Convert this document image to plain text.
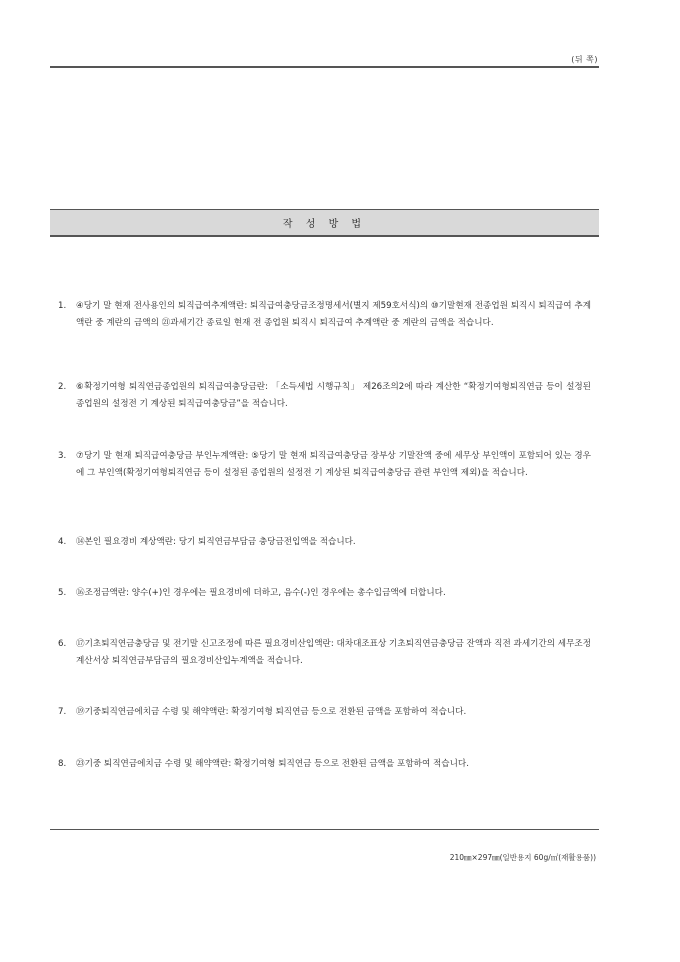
(뒤 쪽)
작 성 방 법
1.	④당기 말 현재 전사용인의 퇴직급여추계액란: 퇴직급여충당금조정명세서(별지 제59호서식)의 ⑩기말현재 전종업원 퇴직시 퇴직급여 추계액란 중 계란의 금액의 ㉑과세기간 종료일 현재 전 종업원 퇴직시 퇴직급여 추계액란 중 계란의 금액을 적습니다.
2.	⑥확정기여형 퇴직연금종업원의 퇴직급여충당금란: 「소득세법 시행규칙」 제26조의2에 따라 계산한 “확정기여형퇴직연금 등이 설정된 종업원의 설정전 기 계상된 퇴직급여충당금”을 적습니다.
3.	⑦당기 말 현재 퇴직급여충당금 부인누계액란: ⑤당기 말 현재 퇴직급여충당금 장부상 기말잔액 중에 세무상 부인액이 포함되어 있는 경우에 그 부인액(확정기여형퇴직연금 등이 설정된 종업원의 설정전 기 계상된 퇴직급여충당금 관련 부인액 제외)을 적습니다.
4.	⑭본인 필요경비 계상액란: 당기 퇴직연금부담금 충당금전입액을 적습니다.
5.	⑯조정금액란: 양수(+)인 경우에는 필요경비에 더하고, 음수(-)인 경우에는 총수입금액에 더합니다.
6.	⑰기초퇴직연금충당금 및 전기말 신고조정에 따른 필요경비산입액란: 대차대조표상 기초퇴직연금충당금 잔액과 직전 과세기간의 세무조정계산서상 퇴직연금부담금의 필요경비산입누계액을 적습니다.
7.	⑲기중퇴직연금에치금 수령 및 해약액란: 확정기여형 퇴직연금 등으로 전환된 금액을 포함하여 적습니다.
8.	㉓기중 퇴직연금에치금 수령 및 해약액란: 확정기여형 퇴직연금 등으로 전환된 금액을 포함하여 적습니다.
210㎜×297㎜(일반용지 60g/㎡(재활용품))
